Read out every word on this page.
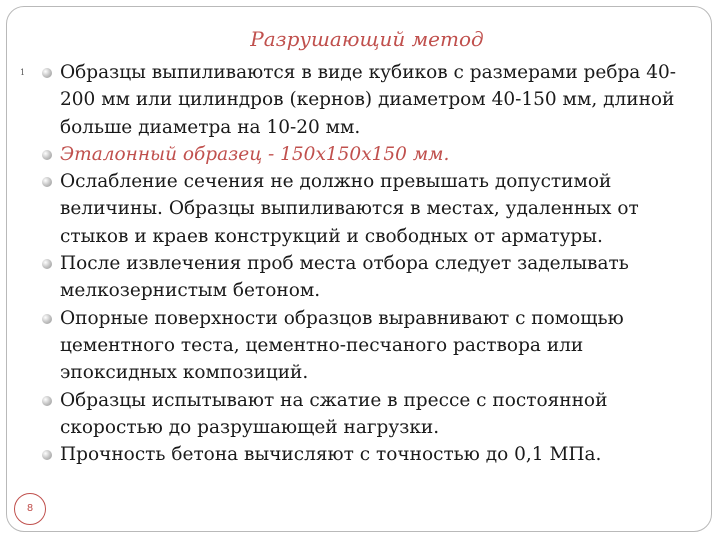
Разрушающий метод
1	Образцы выпиливаются в виде кубиков с размерами ребра 40-200 мм или цилиндров (кернов) диаметром 40-150 мм, длиной больше диаметра на 10-20 мм.
Эталонный образец - 150х150х150 мм.
Ослабление сечения не должно превышать допустимой величины. Образцы выпиливаются в местах, удаленных от стыков и краев конструкций и свободных от арматуры.
После извлечения проб места отбора следует заделывать мелкозернистым бетоном.
Опорные поверхности образцов выравнивают с помощью цементного теста, цементно-песчаного раствора или эпоксидных композиций.
Образцы испытывают на сжатие в прессе с постоянной скоростью до разрушающей нагрузки.
Прочность бетона вычисляют с точностью до 0,1 МПа.
8
